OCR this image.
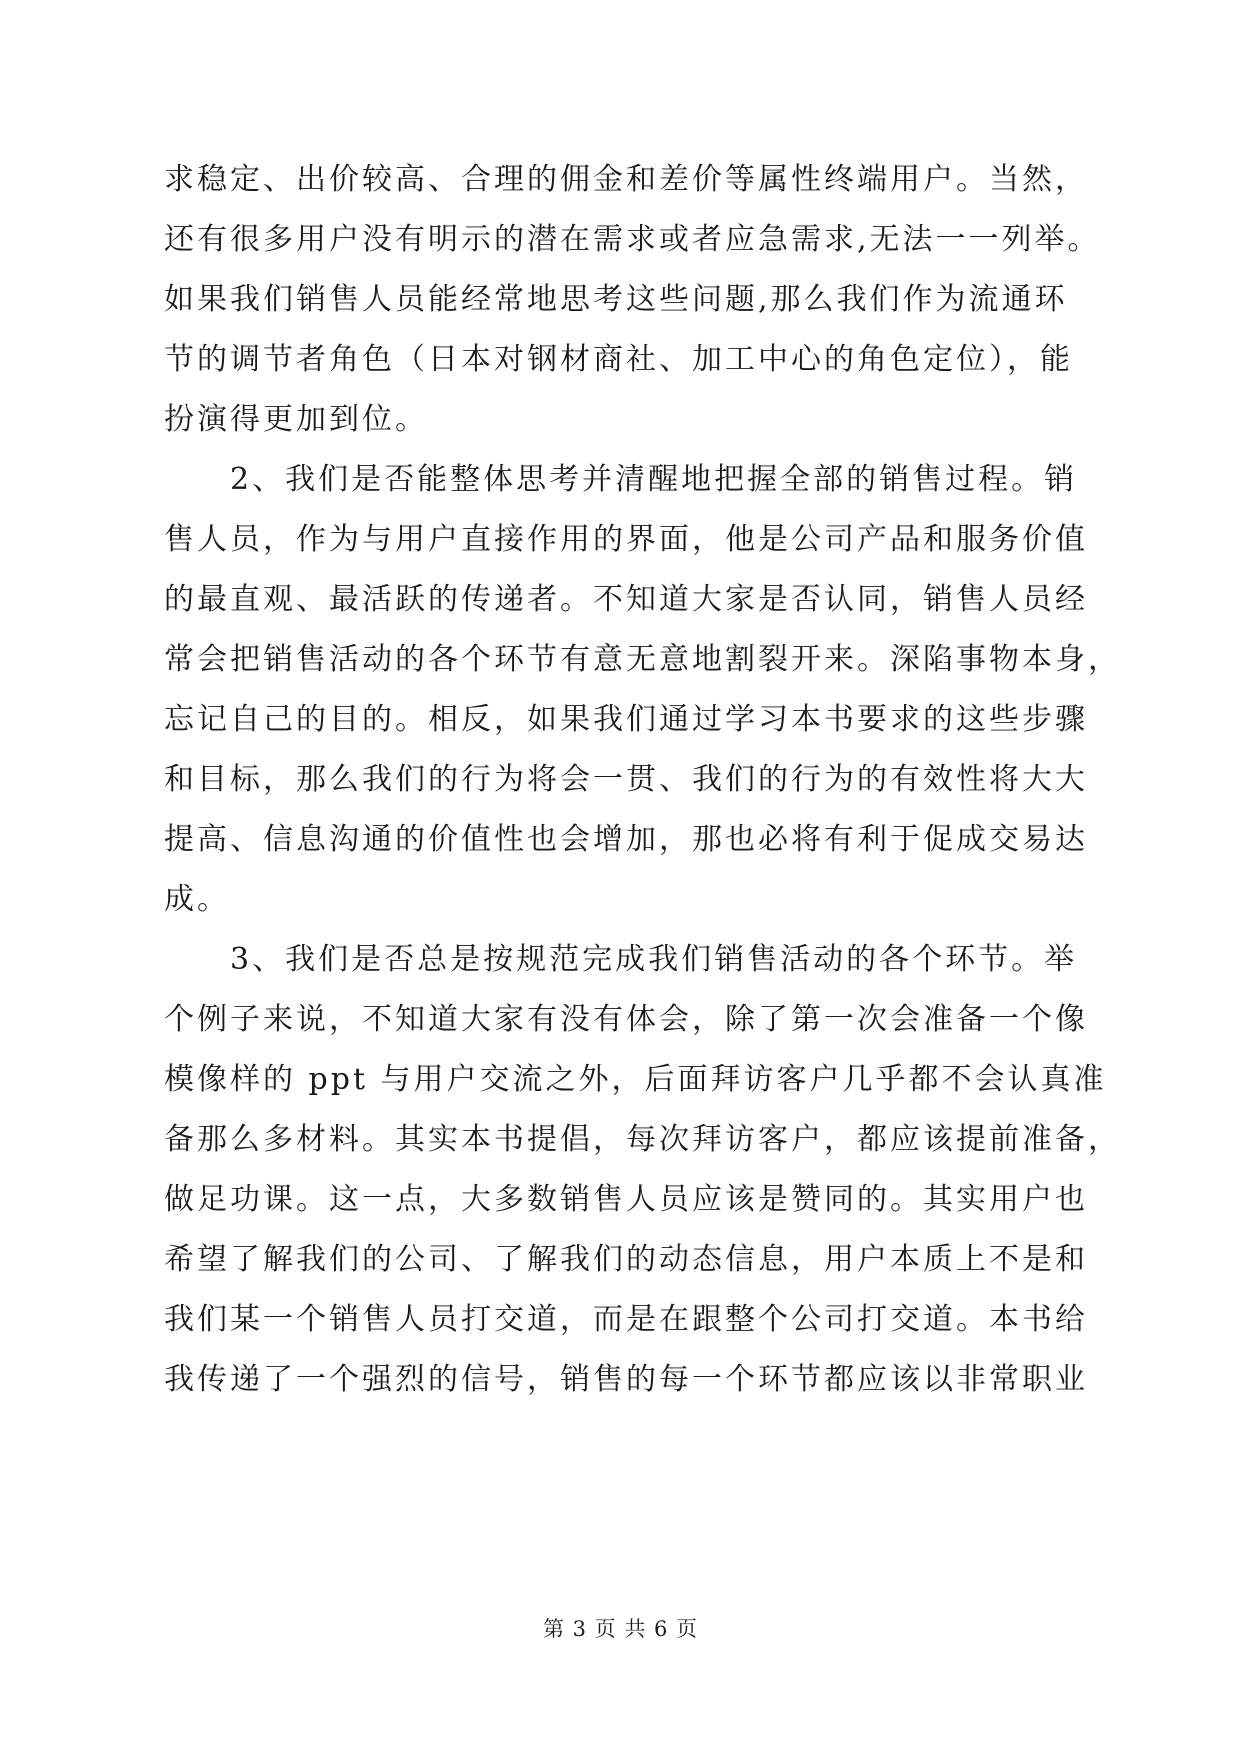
求稳定、出价较高、合理的佣金和差价等属性终端用户。当然，
还有很多用户没有明示的潜在需求或者应急需求,无法一一列举。
如果我们销售人员能经常地思考这些问题,那么我们作为流通环
节的调节者角色（日本对钢材商社、加工中心的角色定位），能
扮演得更加到位。
　　2、我们是否能整体思考并清醒地把握全部的销售过程。销
售人员，作为与用户直接作用的界面，他是公司产品和服务价值
的最直观、最活跃的传递者。不知道大家是否认同，销售人员经
常会把销售活动的各个环节有意无意地割裂开来。深陷事物本身，
忘记自己的目的。相反，如果我们通过学习本书要求的这些步骤
和目标，那么我们的行为将会一贯、我们的行为的有效性将大大
提高、信息沟通的价值性也会增加，那也必将有利于促成交易达
成。
　　3、我们是否总是按规范完成我们销售活动的各个环节。举
个例子来说，不知道大家有没有体会，除了第一次会准备一个像
模像样的 ppt 与用户交流之外，后面拜访客户几乎都不会认真准
备那么多材料。其实本书提倡，每次拜访客户，都应该提前准备，
做足功课。这一点，大多数销售人员应该是赞同的。其实用户也
希望了解我们的公司、了解我们的动态信息，用户本质上不是和
我们某一个销售人员打交道，而是在跟整个公司打交道。本书给
我传递了一个强烈的信号，销售的每一个环节都应该以非常职业
第 3 页 共 6 页
